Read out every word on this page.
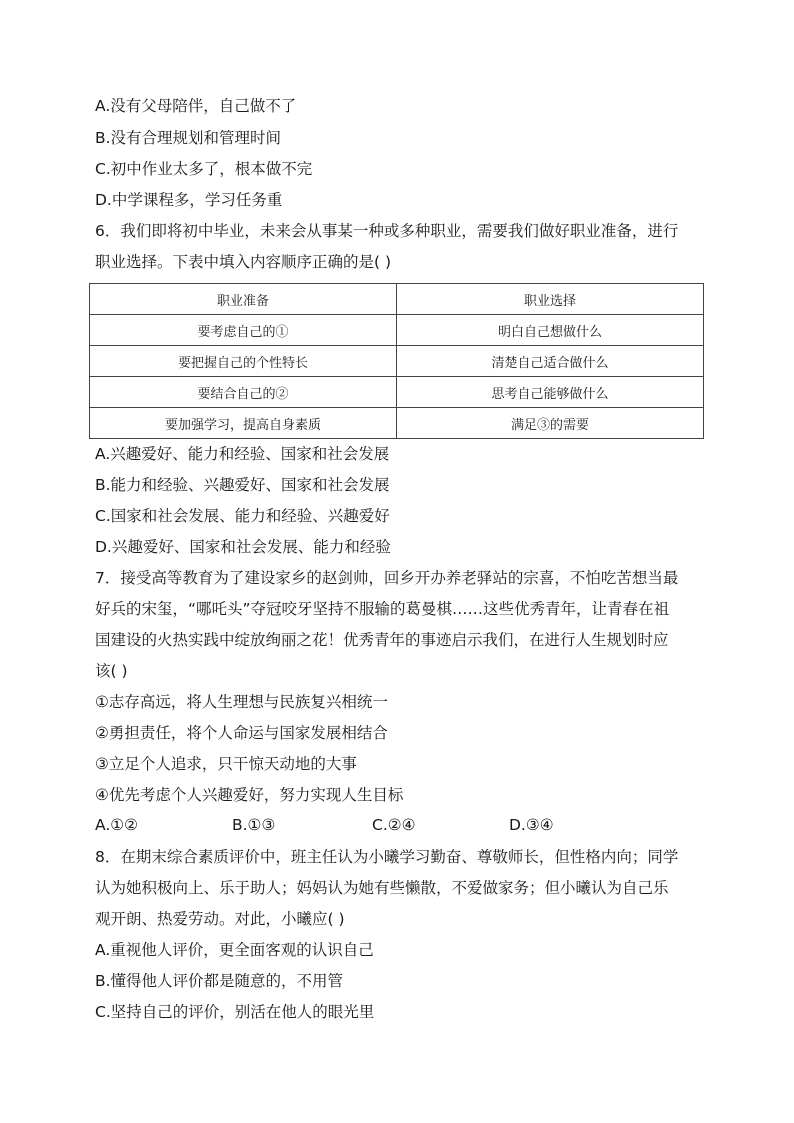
A.没有父母陪伴，自己做不了
B.没有合理规划和管理时间
C.初中作业太多了，根本做不完
D.中学课程多，学习任务重
6．我们即将初中毕业，未来会从事某一种或多种职业，需要我们做好职业准备，进行
职业选择。下表中填入内容顺序正确的是( )
职业准备	职业选择
要考虑自己的①	明白自己想做什么
要把握自己的个性特长	清楚自己适合做什么
要结合自己的②	思考自己能够做什么
要加强学习，提高自身素质	满足③的需要
A.兴趣爱好、能力和经验、国家和社会发展
B.能力和经验、兴趣爱好、国家和社会发展
C.国家和社会发展、能力和经验、兴趣爱好
D.兴趣爱好、国家和社会发展、能力和经验
7．接受高等教育为了建设家乡的赵剑帅，回乡开办养老驿站的宗喜，不怕吃苦想当最
好兵的宋玺，“哪吒头”夺冠咬牙坚持不服输的葛曼棋……这些优秀青年，让青春在祖
国建设的火热实践中绽放绚丽之花！优秀青年的事迹启示我们，在进行人生规划时应
该( )
①志存高远，将人生理想与民族复兴相统一
②勇担责任，将个人命运与国家发展相结合
③立足个人追求，只干惊天动地的大事
④优先考虑个人兴趣爱好，努力实现人生目标
A.①②	B.①③	C.②④	D.③④
8．在期末综合素质评价中，班主任认为小曦学习勤奋、尊敬师长，但性格内向；同学
认为她积极向上、乐于助人；妈妈认为她有些懒散，不爱做家务；但小曦认为自己乐
观开朗、热爱劳动。对此，小曦应( )
A.重视他人评价，更全面客观的认识自己
B.懂得他人评价都是随意的，不用管
C.坚持自己的评价，别活在他人的眼光里
